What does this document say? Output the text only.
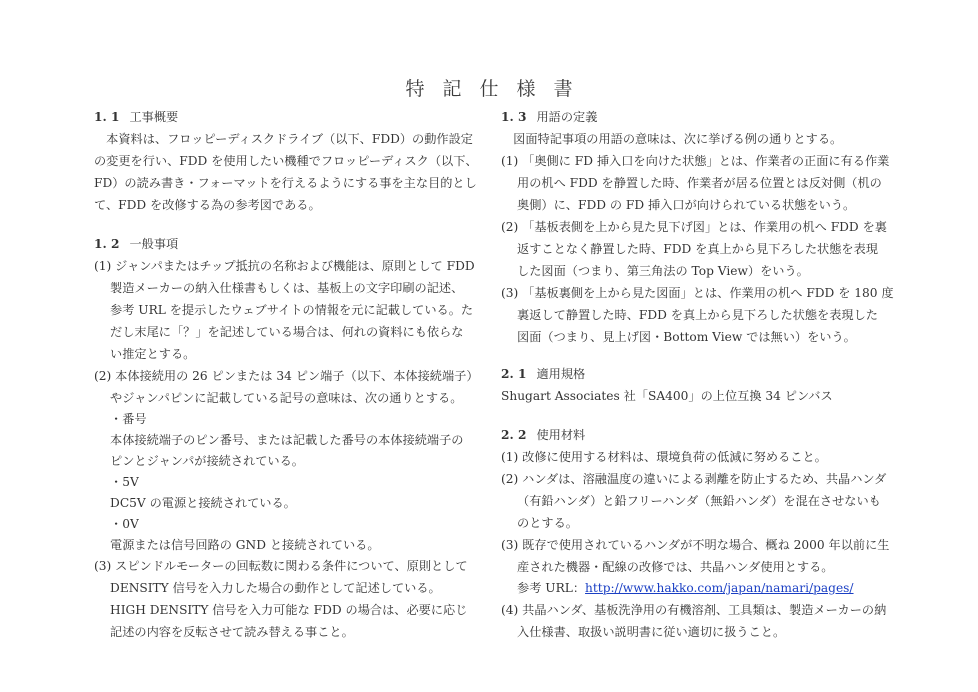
特記仕様書
1. 1 工事概要
　本資料は、フロッピーディスクドライブ（以下、FDD）の動作設定
の変更を行い、FDD を使用したい機種でフロッピーディスク（以下、
FD）の読み書き・フォーマットを行えるようにする事を主な目的とし
て、FDD を改修する為の参考図である。
1. 2 一般事項
(1) ジャンパまたはチップ抵抗の名称および機能は、原則として FDD
　 製造メーカーの納入仕様書もしくは、基板上の文字印刷の記述、
　 参考 URL を提示したウェブサイトの情報を元に記載している。た
　 だし末尾に「？」を記述している場合は、何れの資料にも依らな
　 い推定とする。
(2) 本体接続用の 26 ピンまたは 34 ピン端子（以下、本体接続端子）
　 やジャンパピンに記載している記号の意味は、次の通りとする。
　 ・番号
　 本体接続端子のピン番号、または記載した番号の本体接続端子の
　 ピンとジャンパが接続されている。
　 ・5V
　 DC5V の電源と接続されている。
　 ・0V
　 電源または信号回路の GND と接続されている。
(3) スピンドルモーターの回転数に関わる条件について、原則として
　 DENSITY 信号を入力した場合の動作として記述している。
　 HIGH DENSITY 信号を入力可能な FDD の場合は、必要に応じ
　 記述の内容を反転させて読み替える事こと。
1. 3 用語の定義
　図面特記事項の用語の意味は、次に挙げる例の通りとする。
(1) 「奥側に FD 挿入口を向けた状態」とは、作業者の正面に有る作業
　 用の机へ FDD を静置した時、作業者が居る位置とは反対側（机の
　 奥側）に、FDD の FD 挿入口が向けられている状態をいう。
(2) 「基板表側を上から見た見下げ図」とは、作業用の机へ FDD を裏
　 返すことなく静置した時、FDD を真上から見下ろした状態を表現
　 した図面（つまり、第三角法の Top View）をいう。
(3) 「基板裏側を上から見た図面」とは、作業用の机へ FDD を 180 度
　 裏返して静置した時、FDD を真上から見下ろした状態を表現した
　 図面（つまり、見上げ図・Bottom View では無い）をいう。
2. 1 適用規格
Shugart Associates 社「SA400」の上位互換 34 ピンバス
2. 2 使用材料
(1) 改修に使用する材料は、環境負荷の低減に努めること。
(2) ハンダは、溶融温度の違いによる剥離を防止するため、共晶ハンダ
　 （有鉛ハンダ）と鉛フリーハンダ（無鉛ハンダ）を混在させないも
　 のとする。
(3) 既存で使用されているハンダが不明な場合、概ね 2000 年以前に生
　 産された機器・配線の改修では、共晶ハンダ使用とする。
　 参考 URL：http://www.hakko.com/japan/namari/pages/
(4) 共晶ハンダ、基板洗浄用の有機溶剤、工具類は、製造メーカーの納
　 入仕様書、取扱い説明書に従い適切に扱うこと。
